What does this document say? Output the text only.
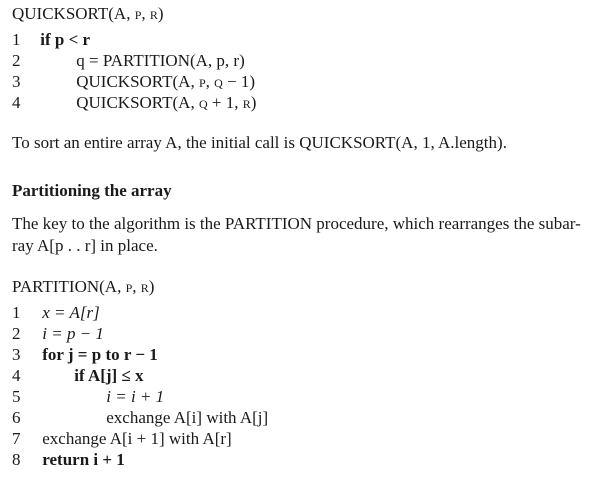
QUICKSORT(A, p, r)
1 if p < r
2	q = PARTITION(A, p, r)
3	QUICKSORT(A, p, q − 1)
4	QUICKSORT(A, q + 1, r)
To sort an entire array A, the initial call is QUICKSORT(A, 1, A.length).
Partitioning the array
The key to the algorithm is the PARTITION procedure, which rearranges the subar-
ray A[p . . r] in place.
PARTITION(A, p, r)
1 x = A[r]
2 i = p − 1
3 for j = p to r − 1
4	if A[j] ≤ x
5	i = i + 1
6	exchange A[i] with A[j]
7 exchange A[i + 1] with A[r]
8 return i + 1
